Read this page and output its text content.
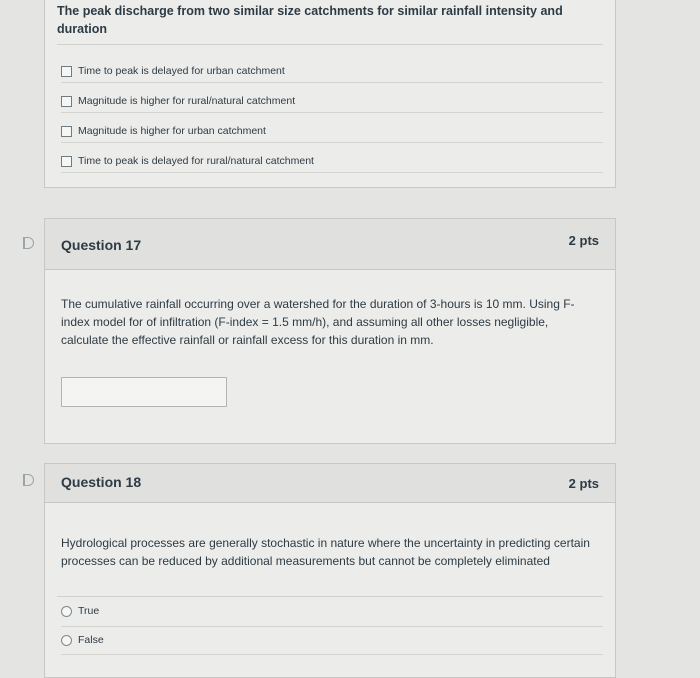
The peak discharge from two similar size catchments for similar rainfall intensity and duration
Time to peak is delayed for urban catchment
Magnitude is higher for rural/natural catchment
Magnitude is higher for urban catchment
Time to peak is delayed for rural/natural catchment
Question 17	2 pts
The cumulative rainfall occurring over a watershed for the duration of 3-hours is 10 mm. Using F-index model for of infiltration (F-index = 1.5 mm/h), and assuming all other losses negligible, calculate the effective rainfall or rainfall excess for this duration in mm.
Question 18	2 pts
Hydrological processes are generally stochastic in nature where the uncertainty in predicting certain processes can be reduced by additional measurements but cannot be completely eliminated
True
False
